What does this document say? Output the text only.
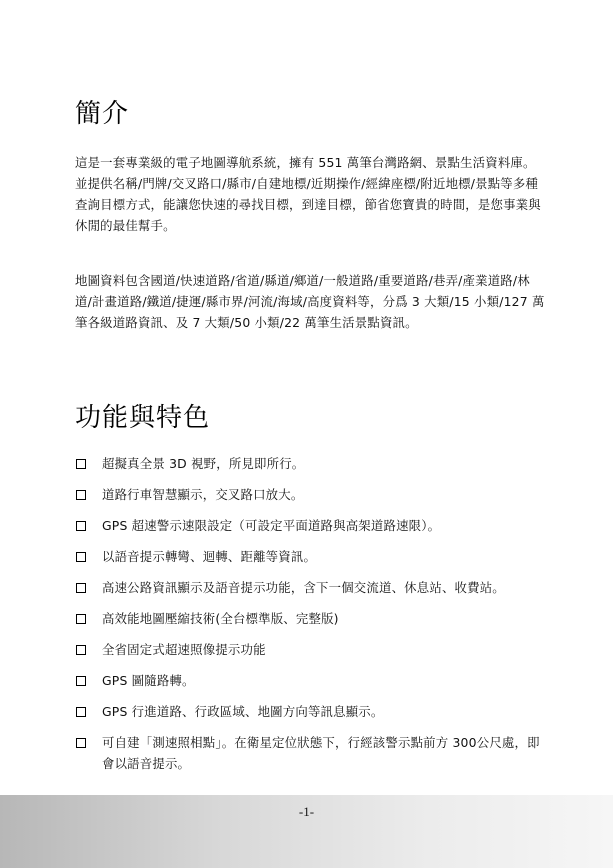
簡介

這是一套專業級的電子地圖導航系統，擁有 551 萬筆台灣路網、景點生活資料庫。並提供名稱/門牌/交叉路口/縣市/自建地標/近期操作/經緯座標/附近地標/景點等多種查詢目標方式，能讓您快速的尋找目標，到達目標，節省您寶貴的時間，是您事業與休閒的最佳幫手。

地圖資料包含國道/快速道路/省道/縣道/鄉道/一般道路/重要道路/巷弄/產業道路/林道/計畫道路/鐵道/捷運/縣市界/河流/海域/高度資料等，分爲 3 大類/15 小類/127 萬筆各級道路資訊、及 7 大類/50 小類/22 萬筆生活景點資訊。

功能與特色
超擬真全景 3D 視野，所見即所行。
道路行車智慧顯示，交叉路口放大。
GPS 超速警示速限設定（可設定平面道路與高架道路速限）。
以語音提示轉彎、迴轉、距離等資訊。
高速公路資訊顯示及語音提示功能，含下一個交流道、休息站、收費站。
高效能地圖壓縮技術(全台標準版、完整版)
全省固定式超速照像提示功能
GPS 圖隨路轉。
GPS 行進道路、行政區域、地圖方向等訊息顯示。
可自建「測速照相點」。在衛星定位狀態下，行經該警示點前方 300公尺處，即會以語音提示。
-1-
